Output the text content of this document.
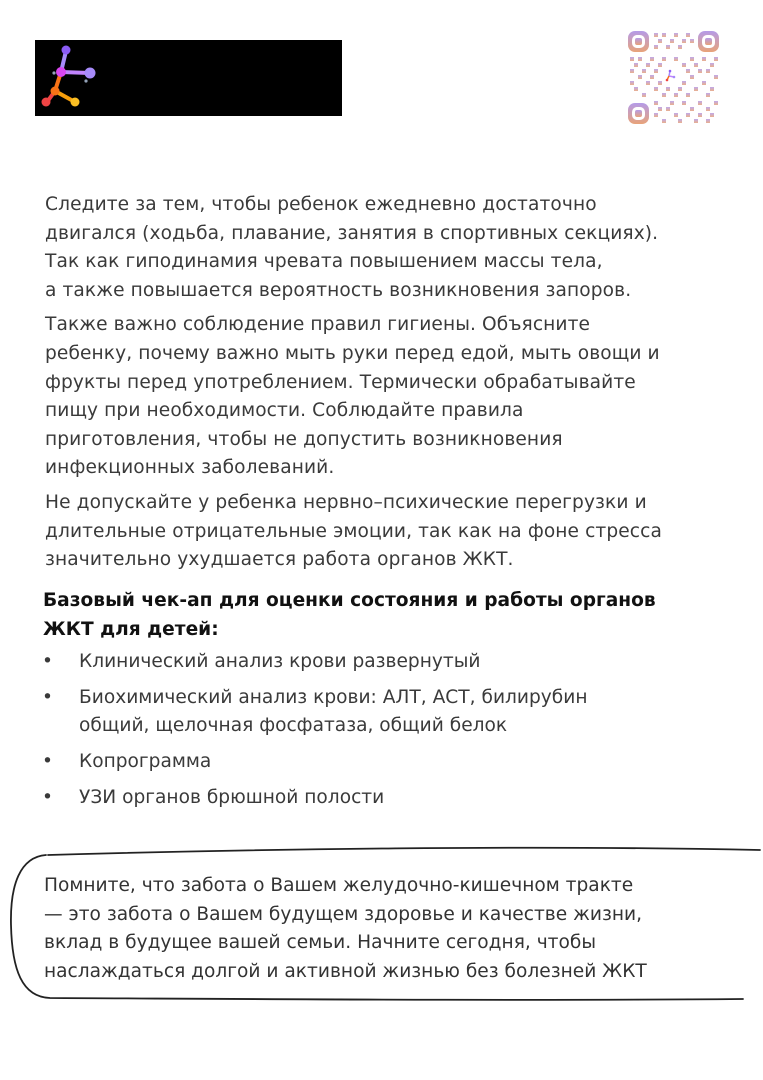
Следите за тем, чтобы ребенок ежедневно достаточно
двигался (ходьба, плавание, занятия в спортивных секциях).
Так как гиподинамия чревата повышением массы тела,
а также повышается вероятность возникновения запоров.

Также важно соблюдение правил гигиены. Объясните
ребенку, почему важно мыть руки перед едой, мыть овощи и
фрукты перед употреблением. Термически обрабатывайте
пищу при необходимости. Соблюдайте правила
приготовления, чтобы не допустить возникновения
инфекционных заболеваний.

Не допускайте у ребенка нервно–психические перегрузки и
длительные отрицательные эмоции, так как на фоне стресса
значительно ухудшается работа органов ЖКТ.

Базовый чек-ап для оценки состояния и работы органов
ЖКТ для детей:
• Клинический анализ крови развернутый
• Биохимический анализ крови: АЛТ, АСТ, билирубин
общий, щелочная фосфатаза, общий белок
• Копрограмма
• УЗИ органов брюшной полости
Помните, что забота о Вашем желудочно-кишечном тракте
— это забота о Вашем будущем здоровье и качестве жизни,
вклад в будущее вашей семьи. Начните сегодня, чтобы
наслаждаться долгой и активной жизнью без болезней ЖКТ
